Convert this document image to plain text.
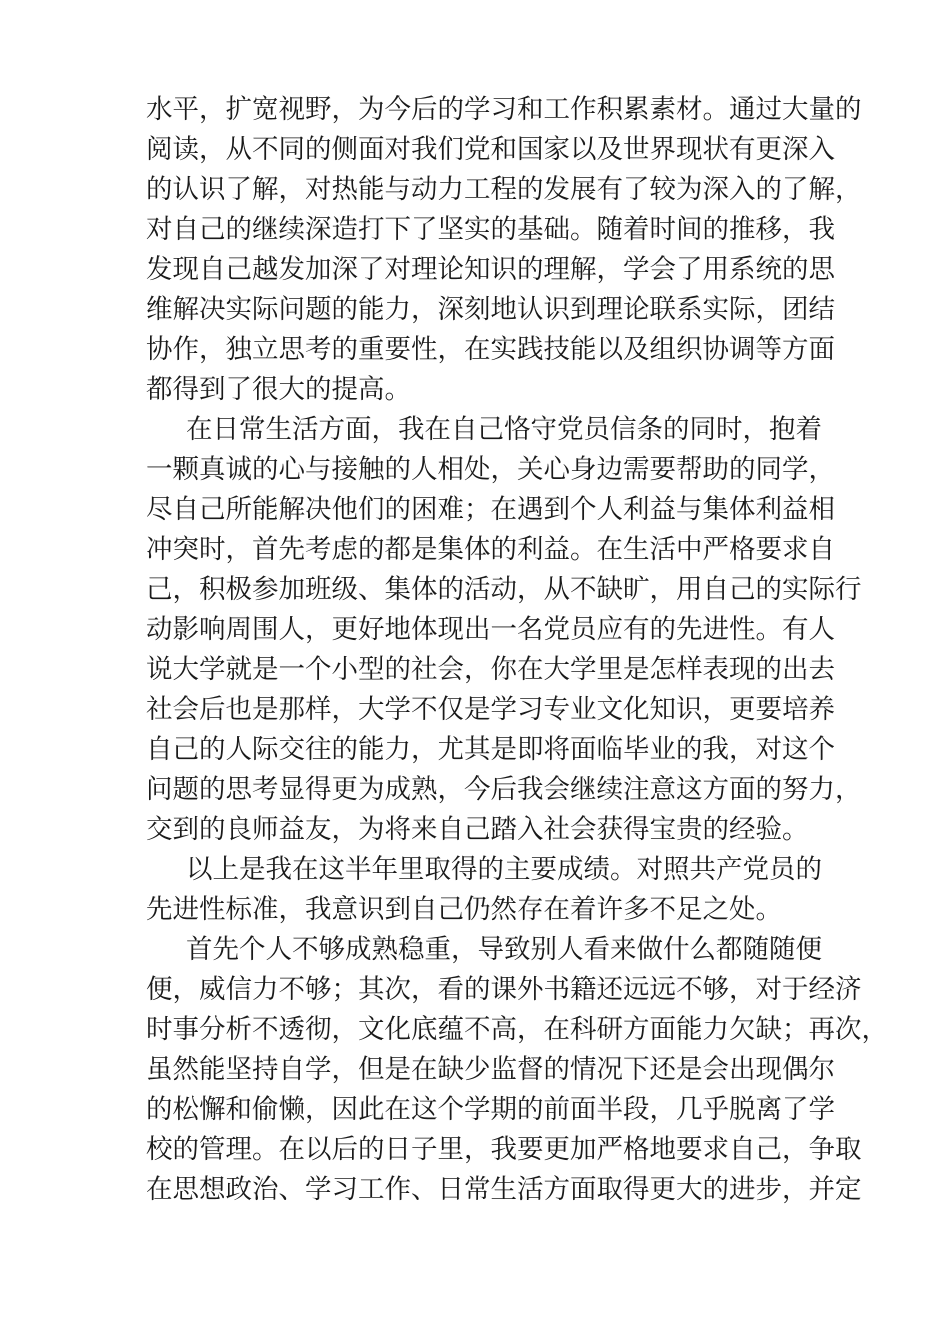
水平，扩宽视野，为今后的学习和工作积累素材。通过大量的
阅读，从不同的侧面对我们党和国家以及世界现状有更深入
的认识了解，对热能与动力工程的发展有了较为深入的了解，
对自己的继续深造打下了坚实的基础。随着时间的推移，我
发现自己越发加深了对理论知识的理解，学会了用系统的思
维解决实际问题的能力，深刻地认识到理论联系实际，团结
协作，独立思考的重要性，在实践技能以及组织协调等方面
都得到了很大的提高。
在日常生活方面，我在自己恪守党员信条的同时，抱着
一颗真诚的心与接触的人相处，关心身边需要帮助的同学，
尽自己所能解决他们的困难；在遇到个人利益与集体利益相
冲突时，首先考虑的都是集体的利益。在生活中严格要求自
己，积极参加班级、集体的活动，从不缺旷，用自己的实际行
动影响周围人，更好地体现出一名党员应有的先进性。有人
说大学就是一个小型的社会，你在大学里是怎样表现的出去
社会后也是那样，大学不仅是学习专业文化知识，更要培养
自己的人际交往的能力，尤其是即将面临毕业的我，对这个
问题的思考显得更为成熟，今后我会继续注意这方面的努力，
交到的良师益友，为将来自己踏入社会获得宝贵的经验。
以上是我在这半年里取得的主要成绩。对照共产党员的
先进性标准，我意识到自己仍然存在着许多不足之处。
首先个人不够成熟稳重，导致别人看来做什么都随随便
便，威信力不够；其次，看的课外书籍还远远不够，对于经济
时事分析不透彻，文化底蕴不高，在科研方面能力欠缺；再次，
虽然能坚持自学，但是在缺少监督的情况下还是会出现偶尔
的松懈和偷懒，因此在这个学期的前面半段，几乎脱离了学
校的管理。在以后的日子里，我要更加严格地要求自己，争取
在思想政治、学习工作、日常生活方面取得更大的进步，并定
